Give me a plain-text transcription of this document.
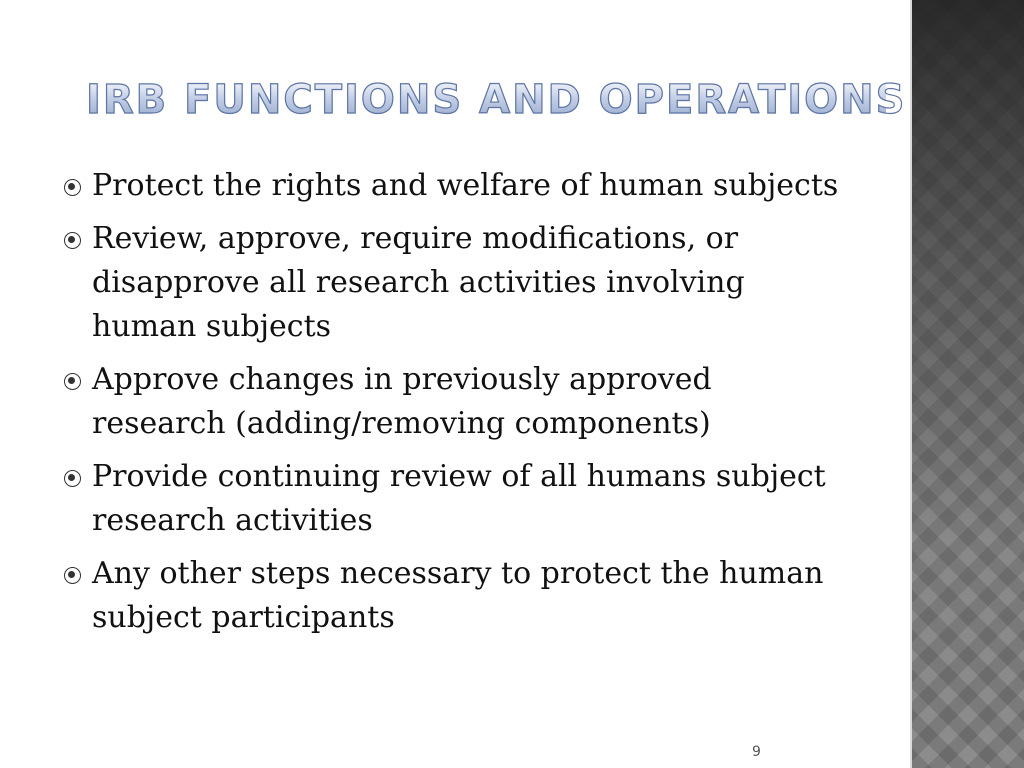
IRB FUNCTIONS AND OPERATIONS
Protect the rights and welfare of human subjects
Review, approve, require modifications, or disapprove all research activities involving human subjects
Approve changes in previously approved research (adding/removing components)
Provide continuing review of all humans subject research activities
Any other steps necessary to protect the human subject participants
9
